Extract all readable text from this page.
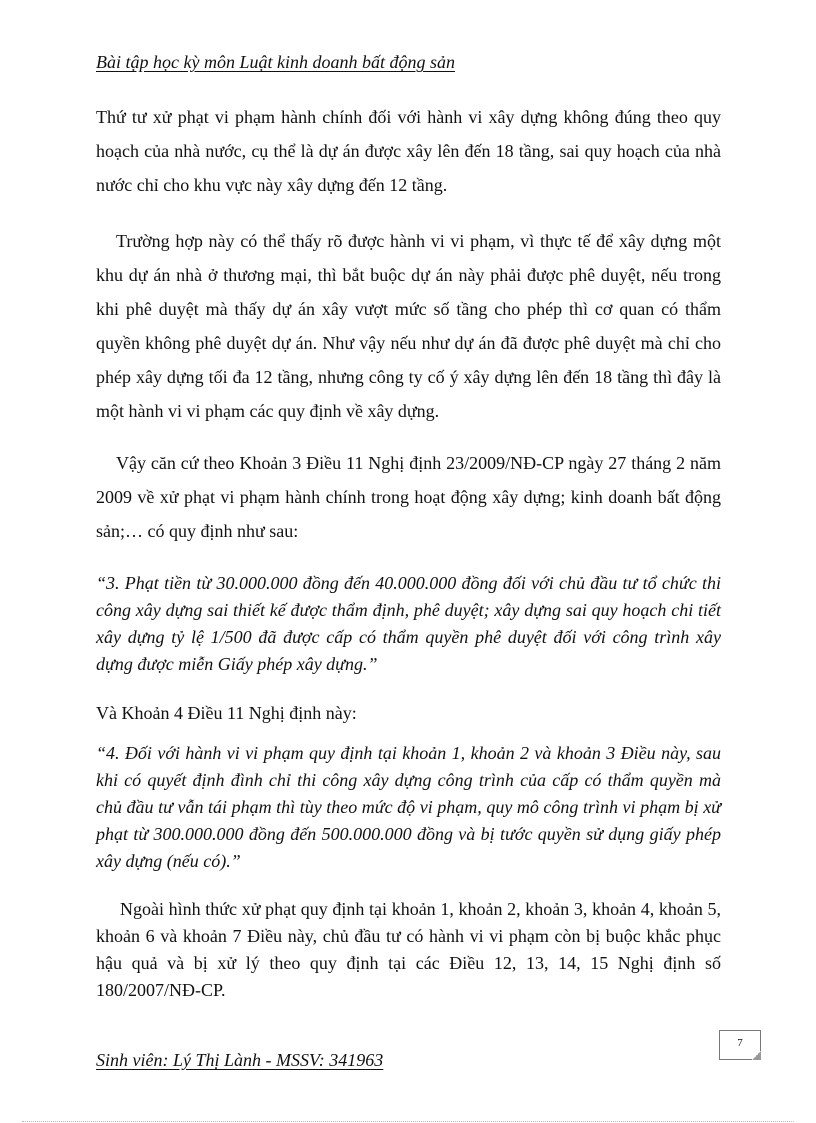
Bài tập học kỳ môn Luật kinh doanh bất động sản

Thứ tư xử phạt vi phạm hành chính đối với hành vi xây dựng không đúng theo quy hoạch của nhà nước, cụ thể là dự án được xây lên đến 18 tầng, sai quy hoạch của nhà nước chỉ cho khu vực này xây dựng đến 12 tầng.

Trường hợp này có thể thấy rõ được hành vi vi phạm, vì thực tế để xây dựng một khu dự án nhà ở thương mại, thì bắt buộc dự án này phải được phê duyệt, nếu trong khi phê duyệt mà thấy dự án xây vượt mức số tầng cho phép thì cơ quan có thẩm quyền không phê duyệt dự án. Như vậy nếu như dự án đã được phê duyệt mà chỉ cho phép xây dựng tối đa 12 tầng, nhưng công ty cố ý xây dựng lên đến 18 tầng thì đây là một hành vi vi phạm các quy định về xây dựng.

Vậy căn cứ theo Khoản 3 Điều 11 Nghị định 23/2009/NĐ-CP ngày 27 tháng 2 năm 2009 về xử phạt vi phạm hành chính trong hoạt động xây dựng; kinh doanh bất động sản;… có quy định như sau:

“3. Phạt tiền từ 30.000.000 đồng đến 40.000.000 đồng đối với chủ đầu tư tổ chức thi công xây dựng sai thiết kế được thẩm định, phê duyệt; xây dựng sai quy hoạch chi tiết xây dựng tỷ lệ 1/500 đã được cấp có thẩm quyền phê duyệt đối với công trình xây dựng được miễn Giấy phép xây dựng.”

Và Khoản 4 Điều 11 Nghị định này:

“4. Đối với hành vi vi phạm quy định tại khoản 1, khoản 2 và khoản 3 Điều này, sau khi có quyết định đình chỉ thi công xây dựng công trình của cấp có thẩm quyền mà chủ đầu tư vẫn tái phạm thì tùy theo mức độ vi phạm, quy mô công trình vi phạm bị xử phạt từ 300.000.000 đồng đến 500.000.000 đồng và bị tước quyền sử dụng giấy phép xây dựng (nếu có).”

Ngoài hình thức xử phạt quy định tại khoản 1, khoản 2, khoản 3, khoản 4, khoản 5, khoản 6 và khoản 7 Điều này, chủ đầu tư có hành vi vi phạm còn bị buộc khắc phục hậu quả và bị xử lý theo quy định tại các Điều 12, 13, 14, 15 Nghị định số 180/2007/NĐ-CP.

7
Sinh viên: Lý Thị Lành - MSSV: 341963
